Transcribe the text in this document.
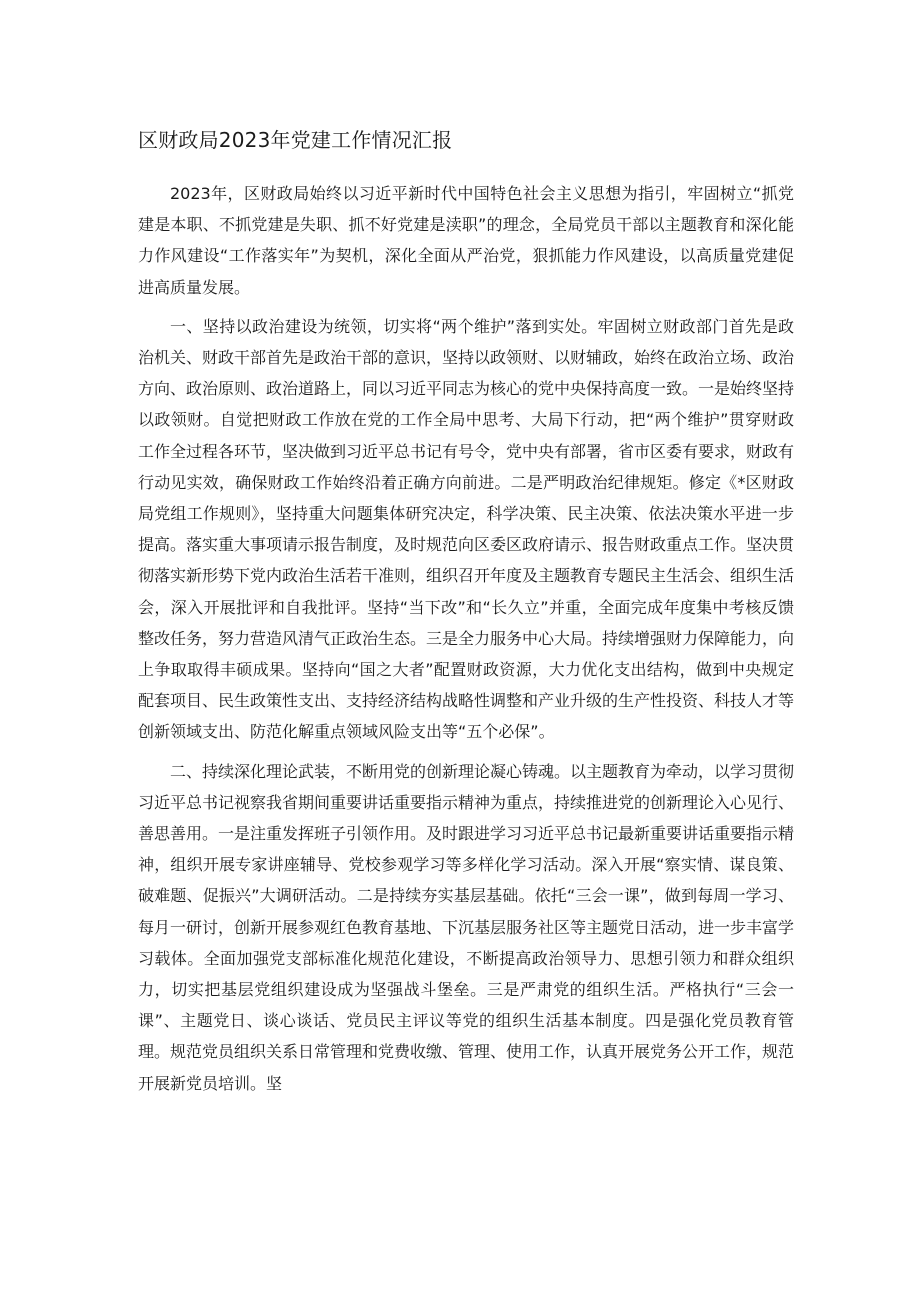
区财政局2023年党建工作情况汇报

2023年，区财政局始终以习近平新时代中国特色社会主义思想为指引，牢固树立“抓党建是本职、不抓党建是失职、抓不好党建是渎职”的理念，全局党员干部以主题教育和深化能力作风建设“工作落实年”为契机，深化全面从严治党，狠抓能力作风建设，以高质量党建促进高质量发展。

一、坚持以政治建设为统领，切实将“两个维护”落到实处。牢固树立财政部门首先是政治机关、财政干部首先是政治干部的意识，坚持以政领财、以财辅政，始终在政治立场、政治方向、政治原则、政治道路上，同以习近平同志为核心的党中央保持高度一致。一是始终坚持以政领财。自觉把财政工作放在党的工作全局中思考、大局下行动，把“两个维护”贯穿财政工作全过程各环节，坚决做到习近平总书记有号令，党中央有部署，省市区委有要求，财政有行动见实效，确保财政工作始终沿着正确方向前进。二是严明政治纪律规矩。修定《*区财政局党组工作规则》，坚持重大问题集体研究决定，科学决策、民主决策、依法决策水平进一步提高。落实重大事项请示报告制度，及时规范向区委区政府请示、报告财政重点工作。坚决贯彻落实新形势下党内政治生活若干准则，组织召开年度及主题教育专题民主生活会、组织生活会，深入开展批评和自我批评。坚持“当下改”和“长久立”并重，全面完成年度集中考核反馈整改任务，努力营造风清气正政治生态。三是全力服务中心大局。持续增强财力保障能力，向上争取取得丰硕成果。坚持向“国之大者”配置财政资源，大力优化支出结构，做到中央规定配套项目、民生政策性支出、支持经济结构战略性调整和产业升级的生产性投资、科技人才等创新领域支出、防范化解重点领域风险支出等“五个必保”。

二、持续深化理论武装，不断用党的创新理论凝心铸魂。以主题教育为牵动，以学习贯彻习近平总书记视察我省期间重要讲话重要指示精神为重点，持续推进党的创新理论入心见行、善思善用。一是注重发挥班子引领作用。及时跟进学习习近平总书记最新重要讲话重要指示精神，组织开展专家讲座辅导、党校参观学习等多样化学习活动。深入开展“察实情、谋良策、破难题、促振兴”大调研活动。二是持续夯实基层基础。依托“三会一课”，做到每周一学习、每月一研讨，创新开展参观红色教育基地、下沉基层服务社区等主题党日活动，进一步丰富学习载体。全面加强党支部标准化规范化建设，不断提高政治领导力、思想引领力和群众组织力，切实把基层党组织建设成为坚强战斗堡垒。三是严肃党的组织生活。严格执行“三会一课”、主题党日、谈心谈话、党员民主评议等党的组织生活基本制度。四是强化党员教育管理。规范党员组织关系日常管理和党费收缴、管理、使用工作，认真开展党务公开工作，规范开展新党员培训。坚
